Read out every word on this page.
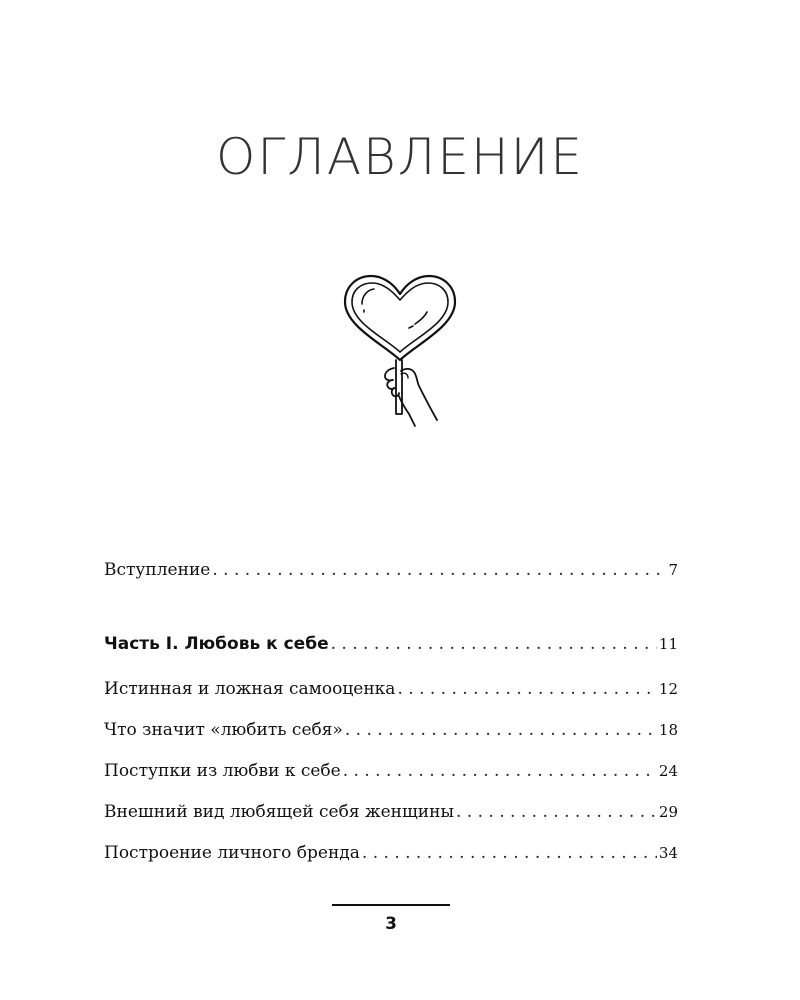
ОГЛАВЛЕНИЕ
Вступление . . .	7
Часть I. Любовь к себе . . .	11
Истинная и ложная самооценка . . .	12
Что значит «любить себя» . . .	18
Поступки из любви к себе . . .	24
Внешний вид любящей себя женщины . . .	29
Построение личного бренда . . .	34
3
